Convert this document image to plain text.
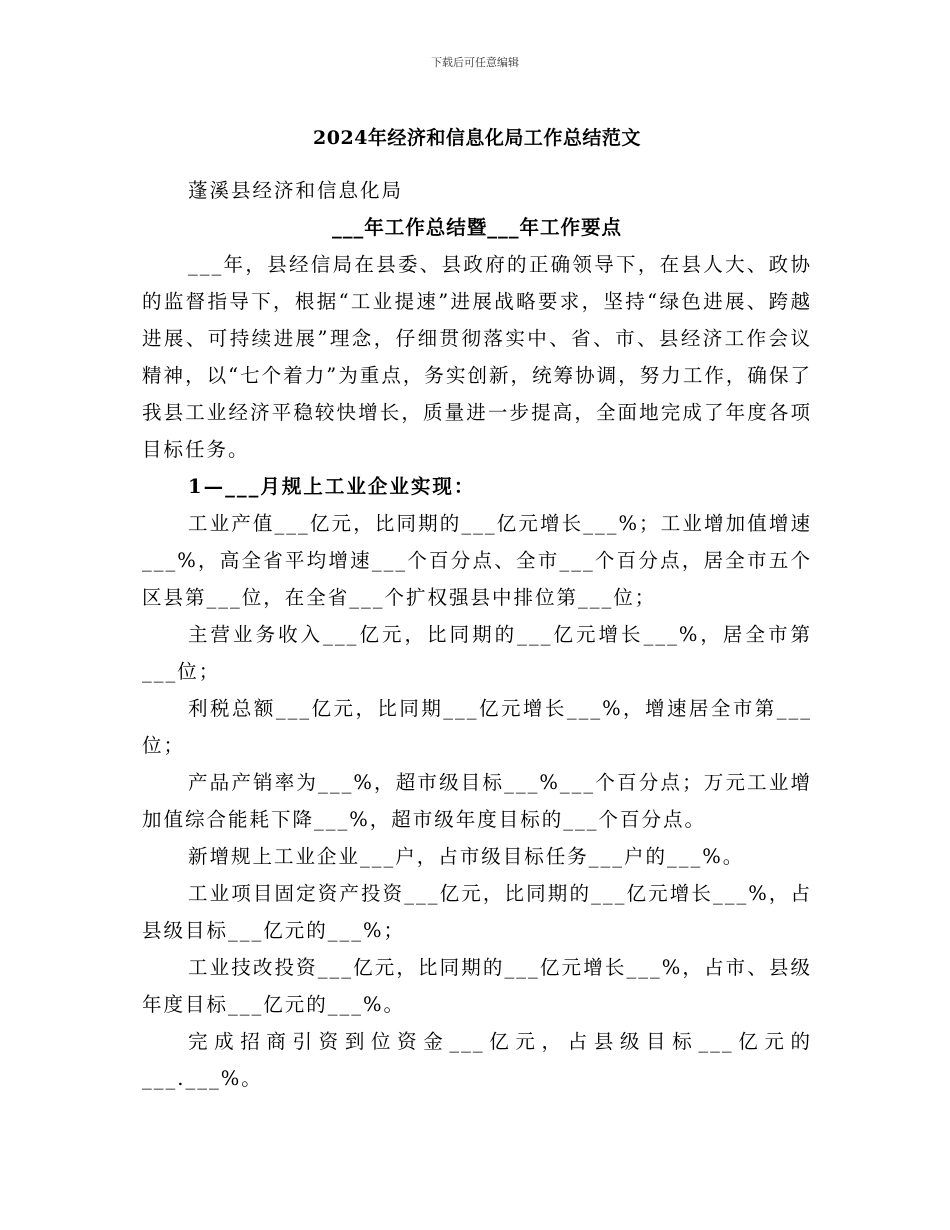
下载后可任意编辑
2024年经济和信息化局工作总结范文

蓬溪县经济和信息化局

___年工作总结暨___年工作要点

___年，县经信局在县委、县政府的正确领导下，在县人大、政协的监督指导下，根据“工业提速”进展战略要求，坚持“绿色进展、跨越进展、可持续进展”理念，仔细贯彻落实中、省、市、县经济工作会议精神，以“七个着力”为重点，务实创新，统筹协调，努力工作，确保了我县工业经济平稳较快增长，质量进一步提高，全面地完成了年度各项目标任务。

1—___月规上工业企业实现：

工业产值___亿元，比同期的___亿元增长___%；工业增加值增速___%，高全省平均增速___个百分点、全市___个百分点，居全市五个区县第___位，在全省___个扩权强县中排位第___位；

主营业务收入___亿元，比同期的___亿元增长___%，居全市第___位；

利税总额___亿元，比同期___亿元增长___%，增速居全市第___位；

产品产销率为___%，超市级目标___%___个百分点；万元工业增加值综合能耗下降___%，超市级年度目标的___个百分点。

新增规上工业企业___户，占市级目标任务___户的___%。

工业项目固定资产投资___亿元，比同期的___亿元增长___%，占县级目标___亿元的___%；

工业技改投资___亿元，比同期的___亿元增长___%，占市、县级年度目标___亿元的___%。

完成招商引资到位资金___亿元，占县级目标___亿元的___.___%。
